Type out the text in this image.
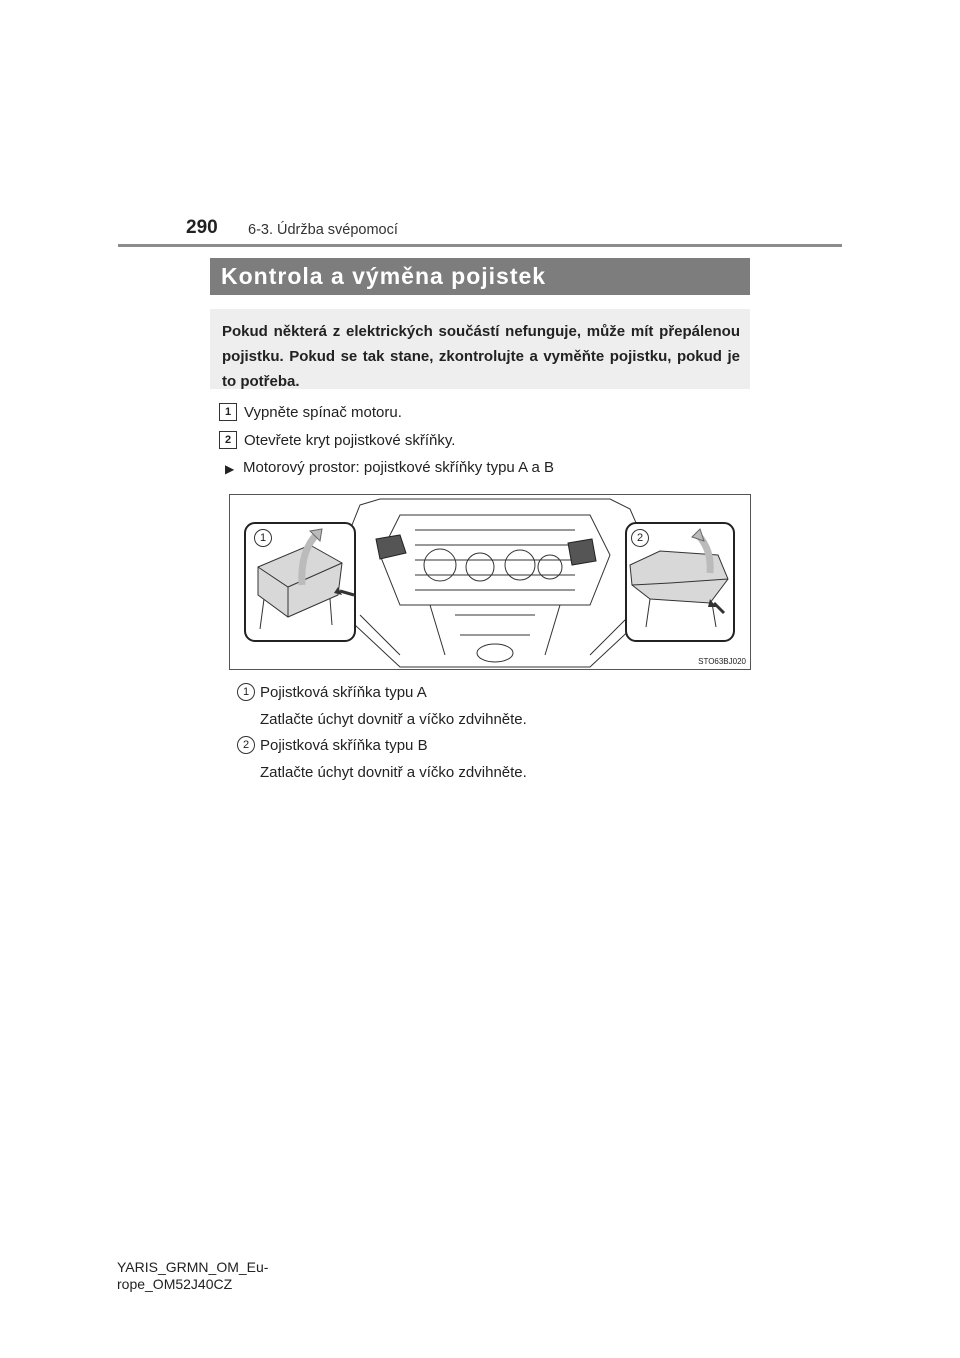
290 6-3. Údržba svépomocí
Kontrola a výměna pojistek

Pokud některá z elektrických součástí nefunguje, může mít přepálenou pojistku. Pokud se tak stane, zkontrolujte a vyměňte pojistku, pokud je to potřeba.

1 Vypněte spínač motoru.
2 Otevřete kryt pojistkové skříňky.
▶ Motorový prostor: pojistkové skříňky typu A a B
1	2
STO63BJ020
1 Pojistková skříňka typu A
Zatlačte úchyt dovnitř a víčko zdvihněte.
2 Pojistková skříňka typu B
Zatlačte úchyt dovnitř a víčko zdvihněte.
YARIS_GRMN_OM_Eu-
rope_OM52J40CZ
